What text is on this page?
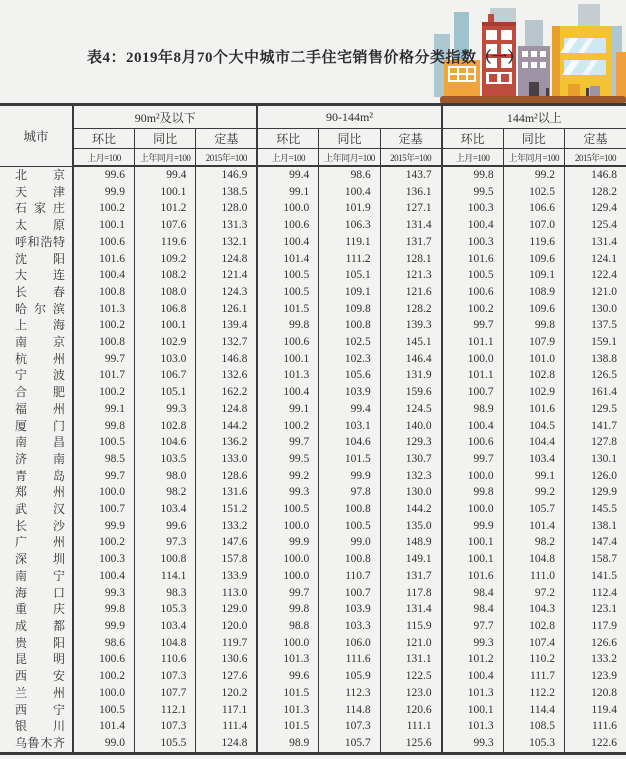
表4：2019年8月70个大中城市二手住宅销售价格分类指数（一）
城市	90m²及以下			90-144m²			144m²以上		
	环比	同比	定基	环比	同比	定基	环比	同比	定基
	上月=100	上年同月=100	2015年=100	上月=100	上年同月=100	2015年=100	上月=100	上年同月=100	2015年=100
北京	99.6	99.4	146.9	99.4	98.6	143.7	99.8	99.2	146.8
天津	99.9	100.1	138.5	99.1	100.4	136.1	99.5	102.5	128.2
石家庄	100.2	101.2	128.0	100.0	101.9	127.1	100.3	106.6	129.4
太原	100.1	107.6	131.3	100.6	106.3	131.4	100.4	107.0	125.4
呼和浩特	100.6	119.6	132.1	100.4	119.1	131.7	100.3	119.6	131.4
沈阳	101.6	109.2	124.8	101.4	111.2	128.1	101.6	109.6	124.1
大连	100.4	108.2	121.4	100.5	105.1	121.3	100.5	109.1	122.4
长春	100.8	108.0	124.3	100.5	109.1	121.6	100.6	108.9	121.0
哈尔滨	101.3	106.8	126.1	101.5	109.8	128.2	100.2	109.6	130.0
上海	100.2	100.1	139.4	99.8	100.8	139.3	99.7	99.8	137.5
南京	100.8	102.9	132.7	100.6	102.5	145.1	101.1	107.9	159.1
杭州	99.7	103.0	146.8	100.1	102.3	146.4	100.0	101.0	138.8
宁波	101.7	106.7	132.6	101.3	105.6	131.9	101.1	102.8	126.5
合肥	100.2	105.1	162.2	100.4	103.9	159.6	100.7	102.9	161.4
福州	99.1	99.3	124.8	99.1	99.4	124.5	98.9	101.6	129.5
厦门	99.8	102.8	144.2	100.2	103.1	140.0	100.4	104.5	141.7
南昌	100.5	104.6	136.2	99.7	104.6	129.3	100.6	104.4	127.8
济南	98.5	103.5	133.0	99.5	101.5	130.7	99.7	103.4	130.1
青岛	99.7	98.0	128.6	99.2	99.9	132.3	100.0	99.1	126.0
郑州	100.0	98.2	131.6	99.3	97.8	130.0	99.8	99.2	129.9
武汉	100.7	103.4	151.2	100.5	100.8	144.2	100.0	105.7	145.5
长沙	99.9	99.6	133.2	100.0	100.5	135.0	99.9	101.4	138.1
广州	100.2	97.3	147.6	99.9	99.0	148.9	100.1	98.2	147.4
深圳	100.3	100.8	157.8	100.0	100.8	149.1	100.1	104.8	158.7
南宁	100.4	114.1	133.9	100.0	110.7	131.7	101.6	111.0	141.5
海口	99.3	98.3	113.0	99.7	100.7	117.8	98.4	97.2	112.4
重庆	99.8	105.3	129.0	99.8	103.9	131.4	98.4	104.3	123.1
成都	99.9	103.4	120.0	98.8	103.3	115.9	97.7	102.8	117.9
贵阳	98.6	104.8	119.7	100.0	106.0	121.0	99.3	107.4	126.6
昆明	100.6	110.6	130.6	101.3	111.6	131.1	101.2	110.2	133.2
西安	100.2	107.3	127.6	99.6	105.9	122.5	100.4	111.7	123.9
兰州	100.0	107.7	120.2	101.5	112.3	123.0	101.3	112.2	120.8
西宁	100.5	112.1	117.1	101.3	114.8	120.6	100.1	114.4	119.4
银川	101.4	107.3	111.4	101.5	107.3	111.1	101.3	108.5	111.6
乌鲁木齐	99.0	105.5	124.8	98.9	105.7	125.6	99.3	105.3	122.6
